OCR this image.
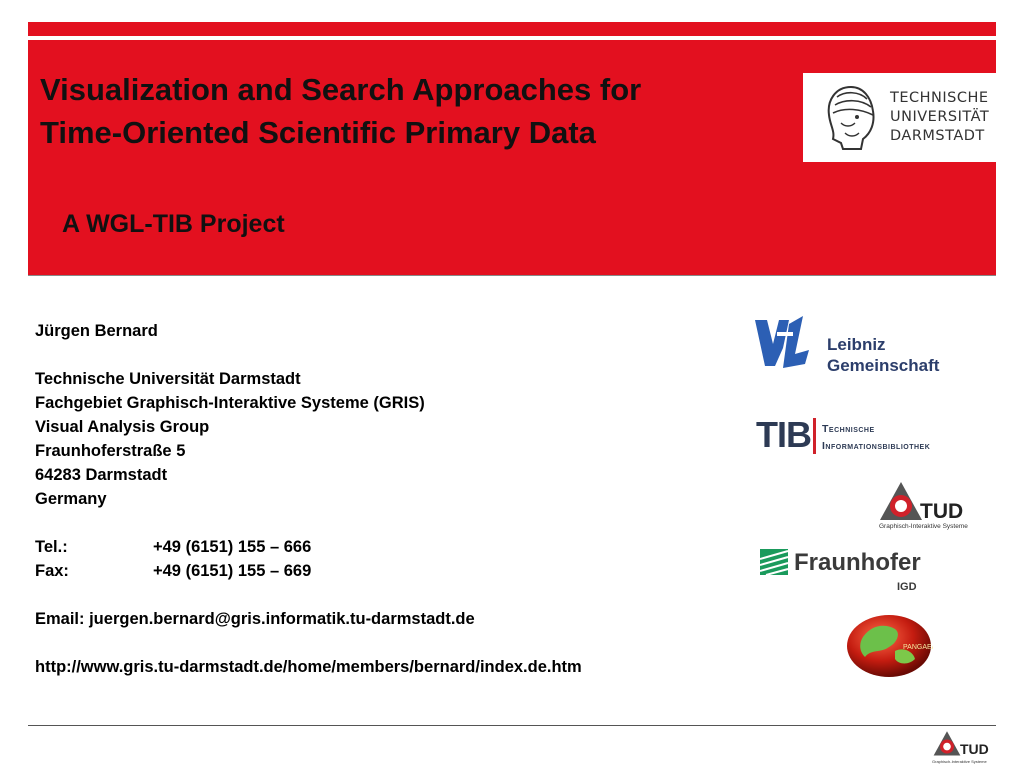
Visualization and Search Approaches for
Time-Oriented Scientific Primary Data
A WGL-TIB Project
TECHNISCHE
UNIVERSITÄT
DARMSTADT
Jürgen Bernard
Technische Universität Darmstadt
Fachgebiet Graphisch-Interaktive Systeme (GRIS)
Visual Analysis Group
Fraunhoferstraße 5
64283 Darmstadt
Germany
Tel.:	+49 (6151) 155 – 666
Fax:	+49 (6151) 155 – 669
Email: juergen.bernard@gris.informatik.tu-darmstadt.de
http://www.gris.tu-darmstadt.de/home/members/bernard/index.de.htm
Leibniz
Gemeinschaft
TIB Technische
Informationsbibliothek
TUD
Graphisch-Interaktive Systeme
Fraunhofer
IGD
PANGAEA
TUD
Graphisch-Interaktive Systeme
